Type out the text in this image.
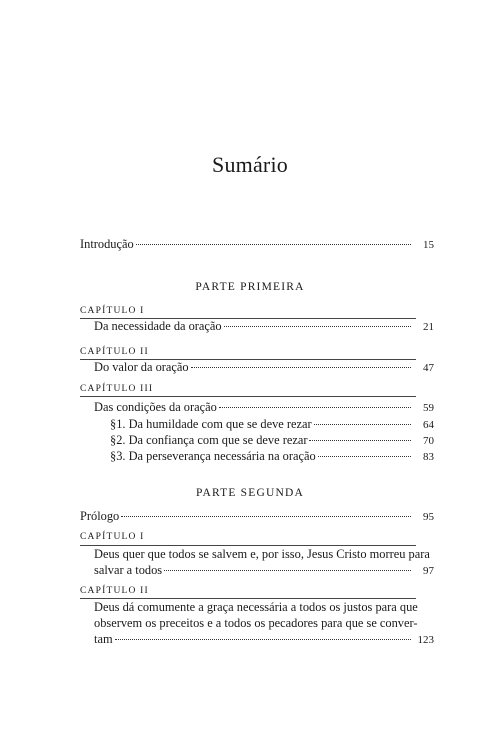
Sumário
Introdução	15
PARTE PRIMEIRA
CAPÍTULO I
Da necessidade da oração	21
CAPÍTULO II
Do valor da oração	47
CAPÍTULO III
Das condições da oração	59
§1. Da humildade com que se deve rezar	64
§2. Da confiança com que se deve rezar	70
§3. Da perseverança necessária na oração	83
PARTE SEGUNDA
Prólogo	95
CAPÍTULO I
Deus quer que todos se salvem e, por isso, Jesus Cristo morreu para
salvar a todos	97
CAPÍTULO II
Deus dá comumente a graça necessária a todos os justos para que
observem os preceitos e a todos os pecadores para que se conver-
tam	123
